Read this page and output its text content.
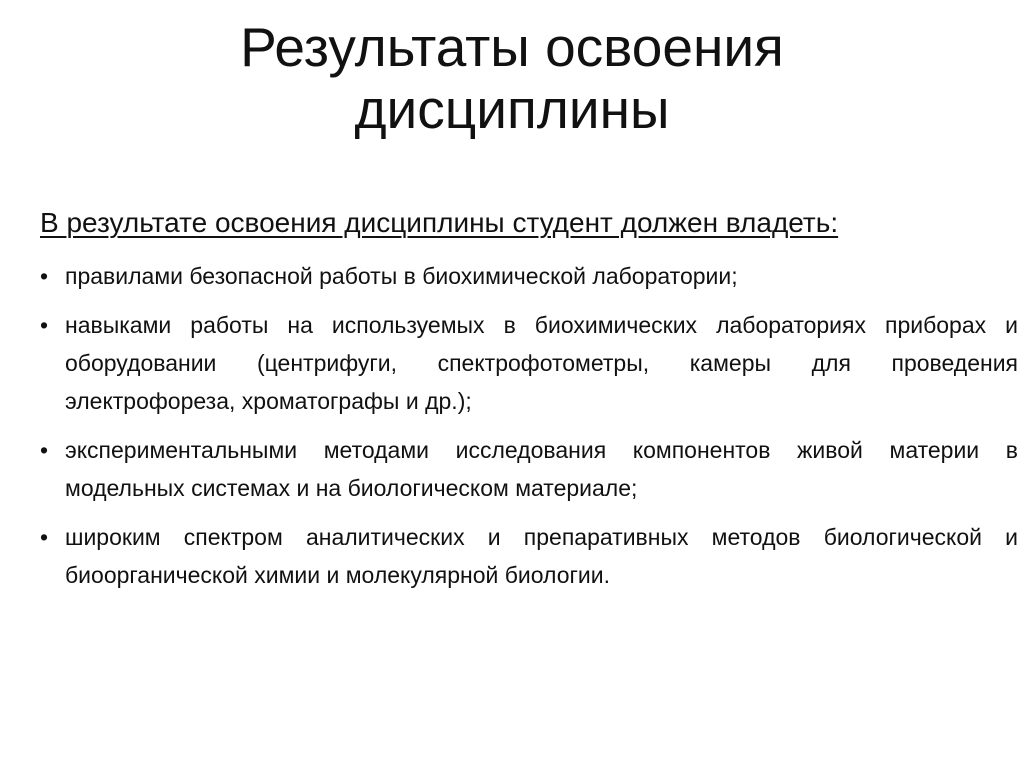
Результаты освоения
дисциплины

В результате освоения дисциплины студент должен владеть:

• правилами безопасной работы в биохимической лаборатории;
• навыками работы на используемых в биохимических лабораториях приборах и оборудовании (центрифуги, спектрофотометры, камеры для проведения электрофореза, хроматографы и др.);
• экспериментальными методами исследования компонентов живой материи в модельных системах и на биологическом материале;
• широким спектром аналитических и препаративных методов биологической и биоорганической химии и молекулярной биологии.
